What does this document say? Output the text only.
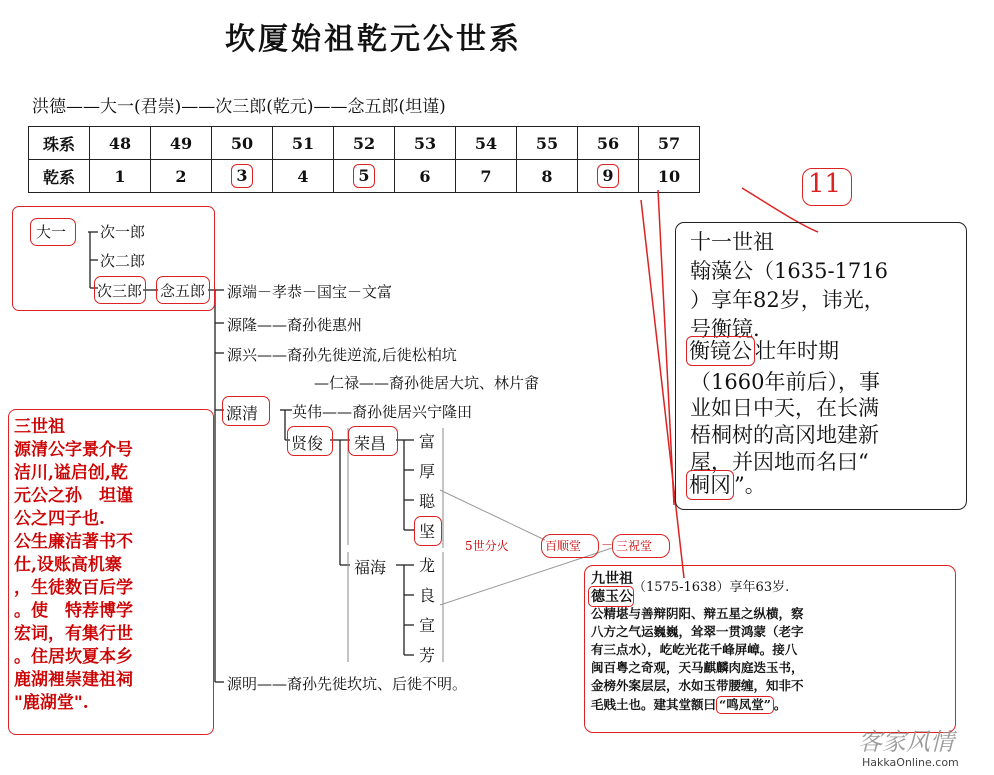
坎厦始祖乾元公世系
洪德——大一(君崇)——次三郎(乾元)——念五郎(坦谨)
珠系	48	49	50	51	52	53	54	55	56	57
乾系	1	2	3	4	5	6	7	8	9	10	11
十一世祖
翰藻公（1635-1716
）享年82岁，讳光，
号衡镜.
衡镜公 壮年时期
（1660年前后），事
业如日中天，在长满
梧桐树的高冈地建新
屋，并因地而名曰“
桐冈 ”。
大一 次一郎
次二郎
次三郎 念五郎 源端－孝恭－国宝－文富
源隆——裔孙徙惠州
源兴——裔孙先徙逆流,后徙松柏坑
—仁禄——裔孙徙居大坑、林片畬
源清 英伟——裔孙徙居兴宁隆田
贤俊 荣昌
福海
富
厚
聪
坚
龙
良
宣
芳
源明——裔孙先徙坎坑、后徙不明。
5世分火	百顺堂 － 三祝堂
三世祖
源清公字景介号
洁川,谥启创,乾
元公之孙　坦谨
公之四子也.
公生廉洁著书不
仕,设账高机寨
，生徒数百后学
。使　特荐博学
宏词，有集行世
。住居坎夏本乡
鹿湖裡崇建祖祠
"鹿湖堂".
九世祖
德玉公
（1575-1638）享年63岁.
公精堪与善辩阴阳、辩五星之纵横，察
八方之气运巍巍，耸翠一贯鸿蒙（老字
有三点水），屹屹光花千峰屏嶂。接八
闽百粤之奇观，天马麒麟肉庭迭玉书，
金榜外案层层，水如玉带腰缠，知非不
毛贱土也。建其堂额曰 “鸣凤堂” 。
客家风情
HakkaOnline.com
